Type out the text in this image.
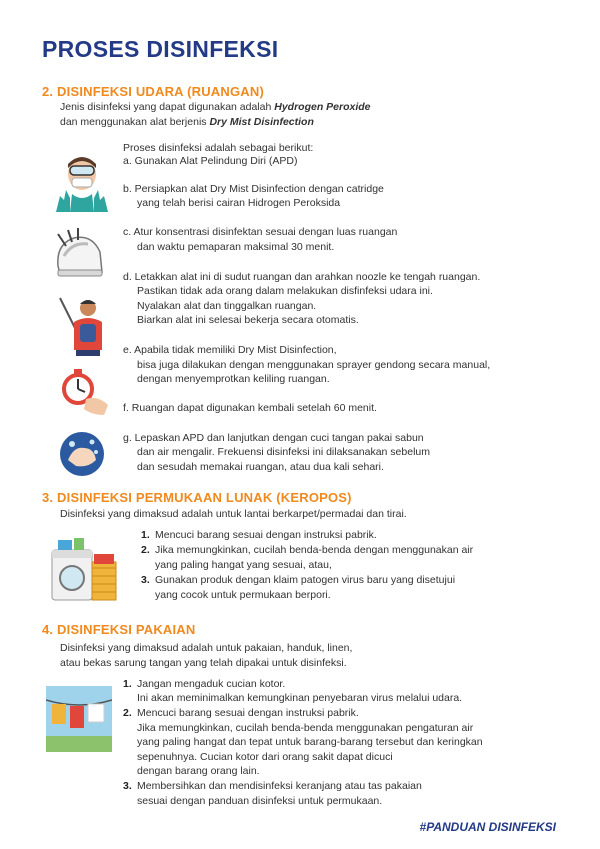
PROSES DISINFEKSI
2. DISINFEKSI UDARA (RUANGAN)
Jenis disinfeksi yang dapat digunakan adalah Hydrogen Peroxide
dan menggunakan alat berjenis Dry Mist Disinfection
Proses disinfeksi adalah sebagai berikut:
a. Gunakan Alat Pelindung Diri (APD)
b. Persiapkan alat Dry Mist Disinfection dengan catridge
yang telah berisi cairan Hidrogen Peroksida
c. Atur konsentrasi disinfektan sesuai dengan luas ruangan
dan waktu pemaparan maksimal 30 menit.
d. Letakkan alat ini di sudut ruangan dan arahkan noozle ke tengah ruangan.
Pastikan tidak ada orang dalam melakukan disfinfeksi udara ini.
Nyalakan alat dan tinggalkan ruangan.
Biarkan alat ini selesai bekerja secara otomatis.
e. Apabila tidak memiliki Dry Mist Disinfection,
bisa juga dilakukan dengan menggunakan sprayer gendong secara manual,
dengan menyemprotkan keliling ruangan.
f. Ruangan dapat digunakan kembali setelah 60 menit.
g. Lepaskan APD dan lanjutkan dengan cuci tangan pakai sabun
dan air mengalir. Frekuensi disinfeksi ini dilaksanakan sebelum
dan sesudah memakai ruangan, atau dua kali sehari.
3. DISINFEKSI PERMUKAAN LUNAK (KEROPOS)
Disinfeksi yang dimaksud adalah untuk lantai berkarpet/permadai dan tirai.
1. Mencuci barang sesuai dengan instruksi pabrik.
2. Jika memungkinkan, cucilah benda-benda dengan menggunakan air
yang paling hangat yang sesuai, atau,
3. Gunakan produk dengan klaim patogen virus baru yang disetujui
yang cocok untuk permukaan berpori.
4. DISINFEKSI PAKAIAN
Disinfeksi yang dimaksud adalah untuk pakaian, handuk, linen,
atau bekas sarung tangan yang telah dipakai untuk disinfeksi.
1. Jangan mengaduk cucian kotor.
Ini akan meminimalkan kemungkinan penyebaran virus melalui udara.
2. Mencuci barang sesuai dengan instruksi pabrik.
Jika memungkinkan, cucilah benda-benda menggunakan pengaturan air
yang paling hangat dan tepat untuk barang-barang tersebut dan keringkan
sepenuhnya. Cucian kotor dari orang sakit dapat dicuci
dengan barang orang lain.
3. Membersihkan dan mendisinfeksi keranjang atau tas pakaian
sesuai dengan panduan disinfeksi untuk permukaan.
#PANDUAN DISINFEKSI
